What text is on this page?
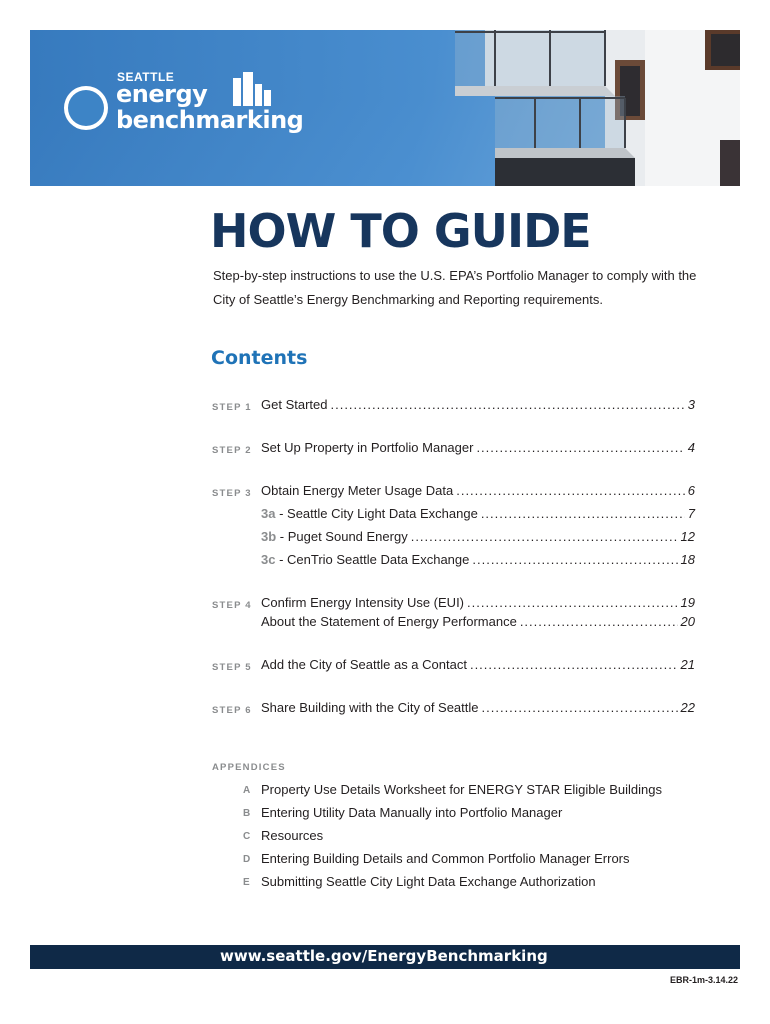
SEATTLE
energy
benchmarking
HOW TO GUIDE

Step-by-step instructions to use the U.S. EPA’s Portfolio Manager to comply with the City of Seattle’s Energy Benchmarking and Reporting requirements.

Contents
STEP 1 Get Started .....	3
STEP 2 Set Up Property in Portfolio Manager .....	4
STEP 3 Obtain Energy Meter Usage Data .....	6
3a - Seattle City Light Data Exchange .....	7
3b - Puget Sound Energy .....	12
3c - CenTrio Seattle Data Exchange .....	18
STEP 4 Confirm Energy Intensity Use (EUI) .....	19
About the Statement of Energy Performance .....	20
STEP 5 Add the City of Seattle as a Contact .....	21
STEP 6 Share Building with the City of Seattle .....	22
APPENDICES
A Property Use Details Worksheet for ENERGY STAR Eligible Buildings
B Entering Utility Data Manually into Portfolio Manager
C Resources
D Entering Building Details and Common Portfolio Manager Errors
E Submitting Seattle City Light Data Exchange Authorization
www.seattle.gov/EnergyBenchmarking
EBR-1m-3.14.22
